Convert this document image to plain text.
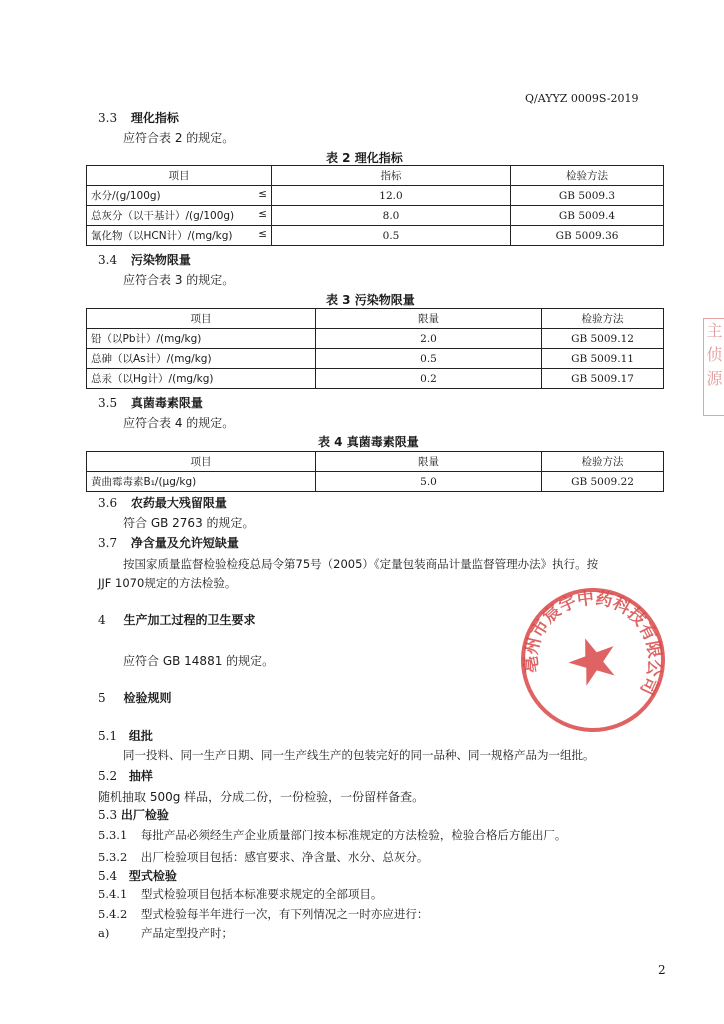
Q/AYYZ 0009S-2019
3.3 理化指标
应符合表 2 的规定。
表 2 理化指标
项目	指标	检验方法

水分/(g/100g) ≤	12.0	GB 5009.3

总灰分（以干基计）/(g/100g) ≤	8.0	GB 5009.4

氰化物（以HCN计）/(mg/kg) ≤	0.5	GB 5009.36
3.4 污染物限量
应符合表 3 的规定。
表 3 污染物限量
项目	限量	检验方法
铅（以Pb计）/(mg/kg)	2.0	GB 5009.12
总砷（以As计）/(mg/kg)	0.5	GB 5009.11
总汞（以Hg计）/(mg/kg)	0.2	GB 5009.17
3.5 真菌毒素限量
应符合表 4 的规定。
表 4 真菌毒素限量
项目	限量	检验方法
黄曲霉毒素B₁/(μg/kg)	5.0	GB 5009.22
3.6 农药最大残留限量
符合 GB 2763 的规定。
3.7 净含量及允许短缺量
按国家质量监督检验检疫总局令第75号（2005）《定量包装商品计量监督管理办法》执行。按
JJF 1070规定的方法检验。
4 生产加工过程的卫生要求
应符合 GB 14881 的规定。
5 检验规则
5.1 组批
同一投料、同一生产日期、同一生产线生产的包装完好的同一品种、同一规格产品为一组批。
5.2 抽样
随机抽取 500g 样品，分成二份，一份检验，一份留样备查。
5.3 出厂检验
5.3.1 每批产品必须经生产企业质量部门按本标准规定的方法检验，检验合格后方能出厂。
5.3.2 出厂检验项目包括：感官要求、净含量、水分、总灰分。
5.4 型式检验
5.4.1 型式检验项目包括本标准要求规定的全部项目。
5.4.2 型式检验每半年进行一次，有下列情况之一时亦应进行：
a)	产品定型投产时；
亳州市宸宇中药科技有限公司
主
侦
源
2
